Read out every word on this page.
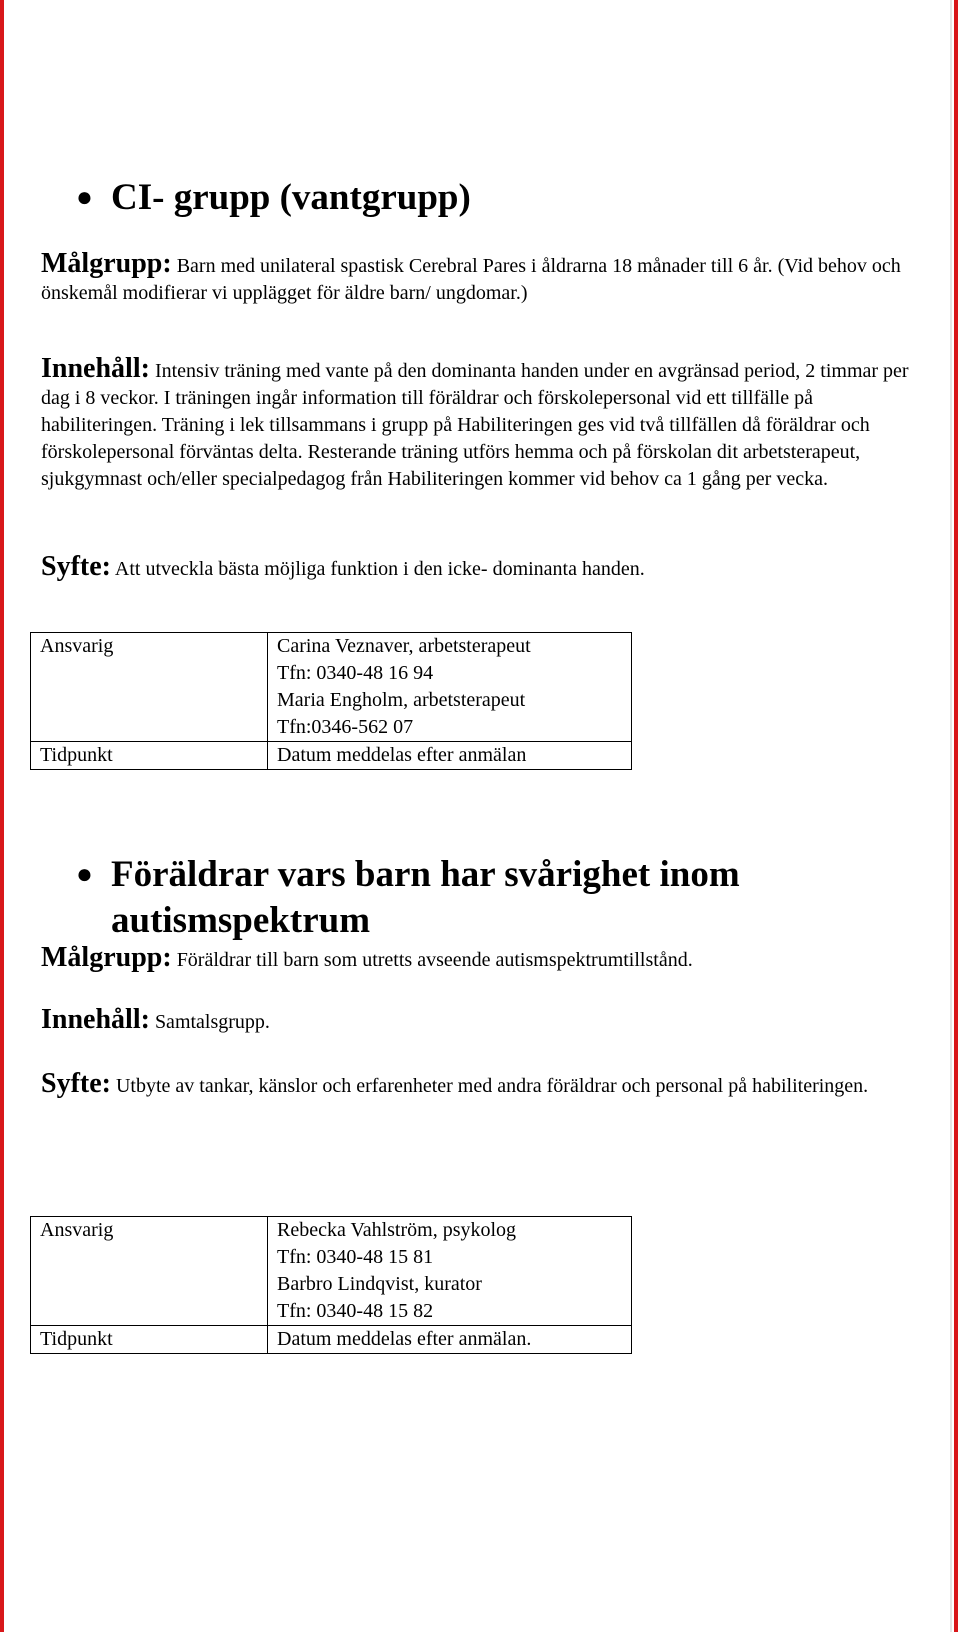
● CI- grupp (vantgrupp)

Målgrupp: Barn med unilateral spastisk Cerebral Pares i åldrarna 18 månader till 6 år. (Vid behov och önskemål modifierar vi upplägget för äldre barn/ ungdomar.)

Innehåll: Intensiv träning med vante på den dominanta handen under en avgränsad period, 2 timmar per dag i 8 veckor. I träningen ingår information till föräldrar och förskolepersonal vid ett tillfälle på habiliteringen. Träning i lek tillsammans i grupp på Habiliteringen ges vid två tillfällen då föräldrar och förskolepersonal förväntas delta. Resterande träning utförs hemma och på förskolan dit arbetsterapeut, sjukgymnast och/eller specialpedagog från Habiliteringen kommer vid behov ca 1 gång per vecka.

Syfte: Att utveckla bästa möjliga funktion i den icke- dominanta handen.

Ansvarig	Carina Veznaver, arbetsterapeut
Tfn: 0340-48 16 94
Maria Engholm, arbetsterapeut
Tfn:0346-562 07

Tidpunkt	Datum meddelas efter anmälan
● Föräldrar vars barn har svårighet inom autismspektrum

Målgrupp: Föräldrar till barn som utretts avseende autismspektrumtillstånd.

Innehåll: Samtalsgrupp.

Syfte: Utbyte av tankar, känslor och erfarenheter med andra föräldrar och personal på habiliteringen.

Ansvarig	Rebecka Vahlström, psykolog
Tfn: 0340-48 15 81
Barbro Lindqvist, kurator
Tfn: 0340-48 15 82

Tidpunkt	Datum meddelas efter anmälan.
